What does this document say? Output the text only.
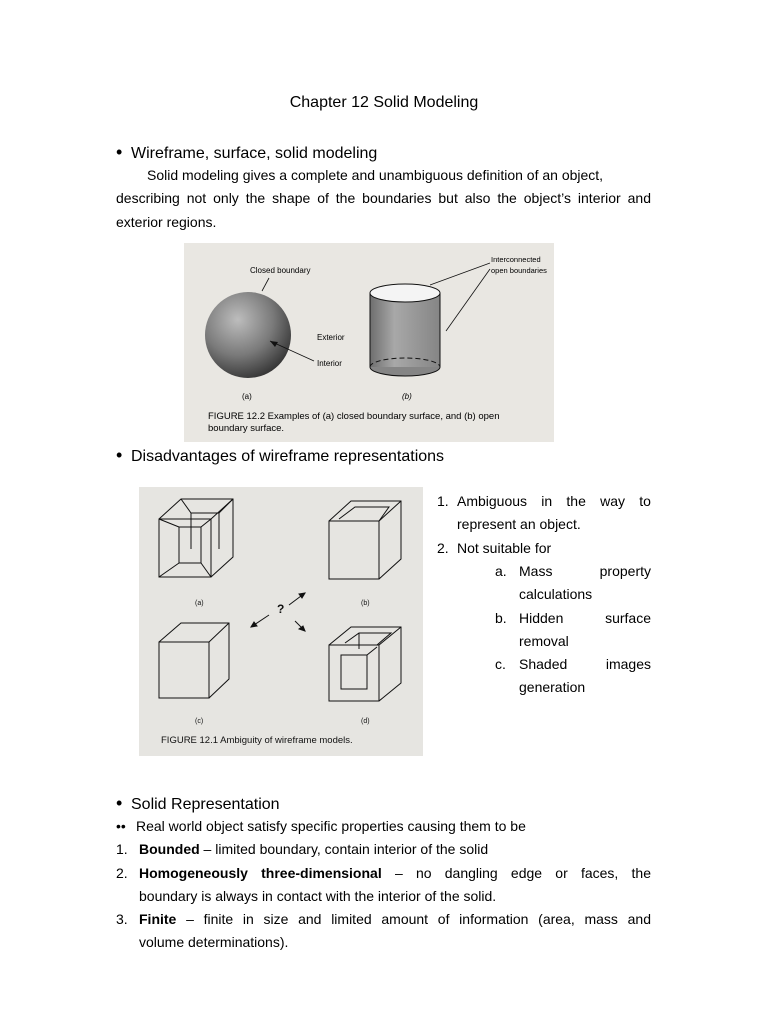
Chapter 12 Solid Modeling
• Wireframe, surface, solid modeling
Solid modeling gives a complete and unambiguous definition of an object,
describing not only the shape of the boundaries but also the object’s interior and exterior regions.
Closed boundary
Interconnected
open boundaries
Exterior
Interior
(a)	(b)
FIGURE 12.2 Examples of (a) closed boundary surface, and (b) open
boundary surface.
• Disadvantages of wireframe representations
?
(a)	(b)
(c)	(d)
FIGURE 12.1 Ambiguity of wireframe models.
1. Ambiguous in the way to
represent an object.
2. Not suitable for
a. Mass	property
calculations
b. Hidden	surface
removal
c. Shaded	images
generation
• Solid Representation
•• Real world object satisfy specific properties causing them to be
1. Bounded – limited boundary, contain interior of the solid
2. Homogeneously three-dimensional – no dangling edge or faces, the
boundary is always in contact with the interior of the solid.
3. Finite – finite in size and limited amount of information (area, mass and
volume determinations).
